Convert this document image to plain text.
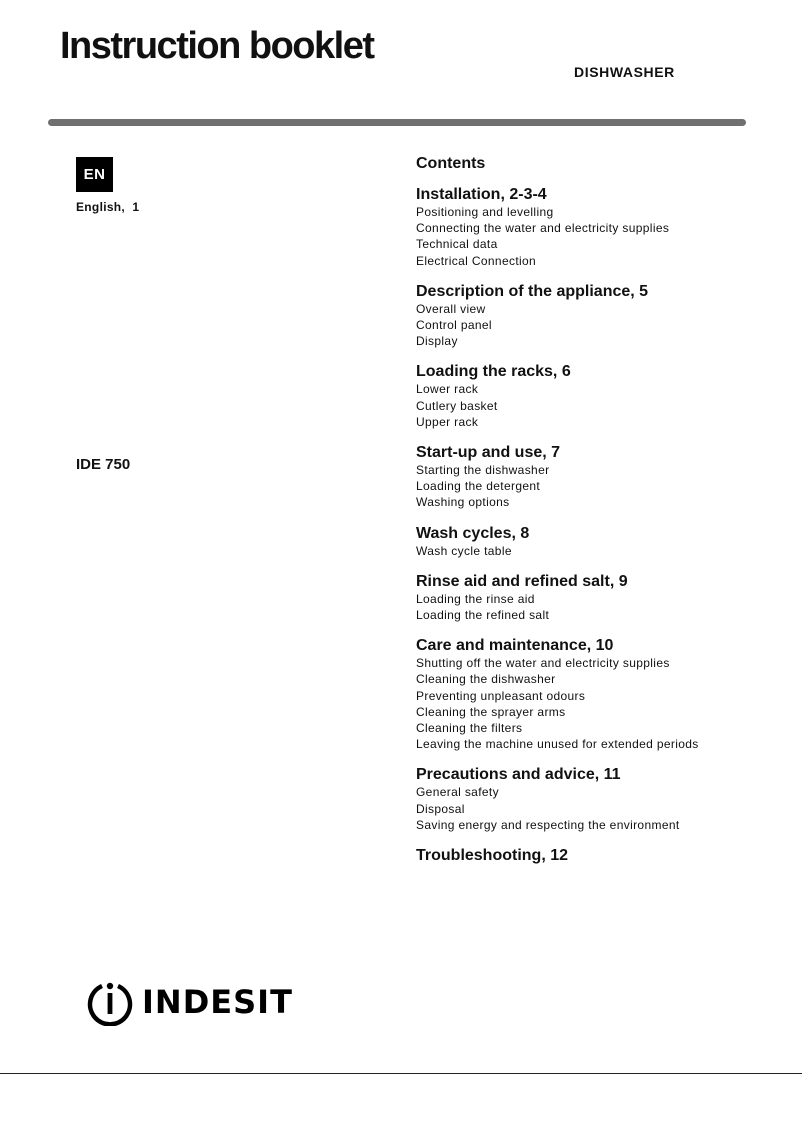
Instruction booklet
DISHWASHER
EN
English,  1
IDE 750
Contents
Installation, 2-3-4
Positioning and levelling
Connecting the water and electricity supplies
Technical data
Electrical Connection
Description of the appliance, 5
Overall view
Control panel
Display
Loading the racks, 6
Lower rack
Cutlery basket
Upper rack
Start-up and use, 7
Starting the dishwasher
Loading the detergent
Washing options
Wash cycles, 8
Wash cycle table
Rinse aid and refined salt, 9
Loading the rinse aid
Loading the refined salt
Care and maintenance, 10
Shutting off the water and electricity supplies
Cleaning the dishwasher
Preventing unpleasant odours
Cleaning the sprayer arms
Cleaning the filters
Leaving the machine unused for extended periods
Precautions and advice, 11
General safety
Disposal
Saving energy and respecting the environment
Troubleshooting, 12
INDESIT
